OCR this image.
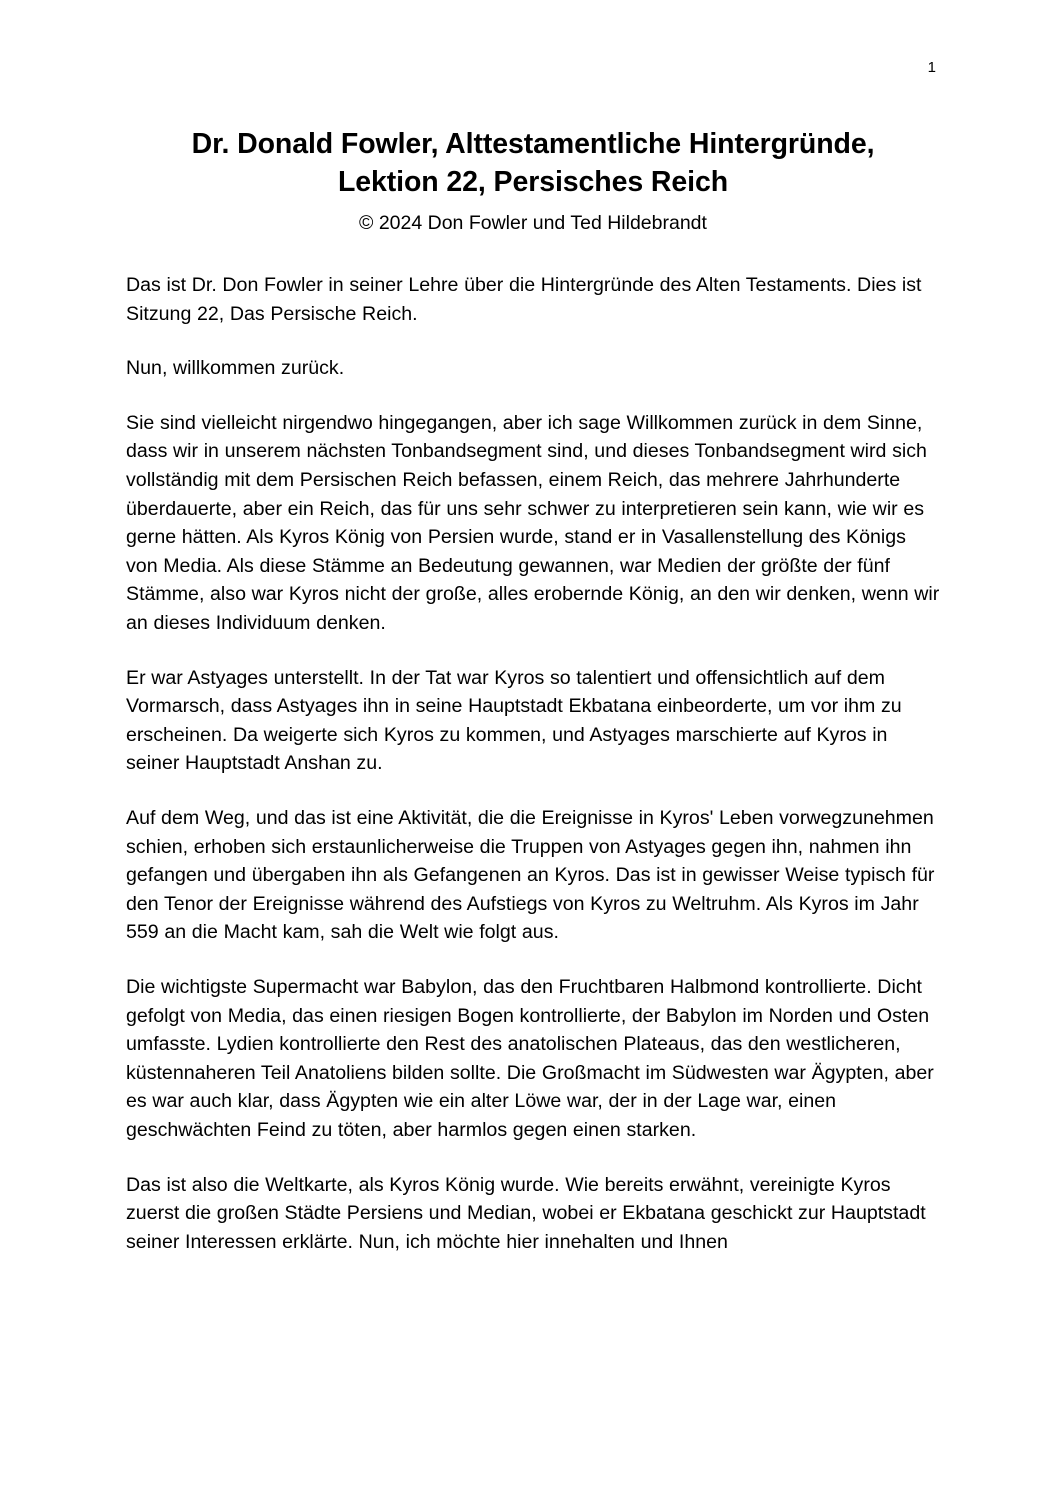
1
Dr. Donald Fowler, Alttestamentliche Hintergründe,
Lektion 22, Persisches Reich
© 2024 Don Fowler und Ted Hildebrandt

Das ist Dr. Don Fowler in seiner Lehre über die Hintergründe des Alten Testaments. Dies ist Sitzung 22, Das Persische Reich.

Nun, willkommen zurück.

Sie sind vielleicht nirgendwo hingegangen, aber ich sage Willkommen zurück in dem Sinne, dass wir in unserem nächsten Tonbandsegment sind, und dieses Tonbandsegment wird sich vollständig mit dem Persischen Reich befassen, einem Reich, das mehrere Jahrhunderte überdauerte, aber ein Reich, das für uns sehr schwer zu interpretieren sein kann, wie wir es gerne hätten. Als Kyros König von Persien wurde, stand er in Vasallenstellung des Königs von Media. Als diese Stämme an Bedeutung gewannen, war Medien der größte der fünf Stämme, also war Kyros nicht der große, alles erobernde König, an den wir denken, wenn wir an dieses Individuum denken.

Er war Astyages unterstellt. In der Tat war Kyros so talentiert und offensichtlich auf dem Vormarsch, dass Astyages ihn in seine Hauptstadt Ekbatana einbeorderte, um vor ihm zu erscheinen. Da weigerte sich Kyros zu kommen, und Astyages marschierte auf Kyros in seiner Hauptstadt Anshan zu.

Auf dem Weg, und das ist eine Aktivität, die die Ereignisse in Kyros' Leben vorwegzunehmen schien, erhoben sich erstaunlicherweise die Truppen von Astyages gegen ihn, nahmen ihn gefangen und übergaben ihn als Gefangenen an Kyros. Das ist in gewisser Weise typisch für den Tenor der Ereignisse während des Aufstiegs von Kyros zu Weltruhm. Als Kyros im Jahr 559 an die Macht kam, sah die Welt wie folgt aus.

Die wichtigste Supermacht war Babylon, das den Fruchtbaren Halbmond kontrollierte. Dicht gefolgt von Media, das einen riesigen Bogen kontrollierte, der Babylon im Norden und Osten umfasste. Lydien kontrollierte den Rest des anatolischen Plateaus, das den westlicheren, küstennaheren Teil Anatoliens bilden sollte. Die Großmacht im Südwesten war Ägypten, aber es war auch klar, dass Ägypten wie ein alter Löwe war, der in der Lage war, einen geschwächten Feind zu töten, aber harmlos gegen einen starken.

Das ist also die Weltkarte, als Kyros König wurde. Wie bereits erwähnt, vereinigte Kyros zuerst die großen Städte Persiens und Median, wobei er Ekbatana geschickt zur Hauptstadt seiner Interessen erklärte. Nun, ich möchte hier innehalten und Ihnen
